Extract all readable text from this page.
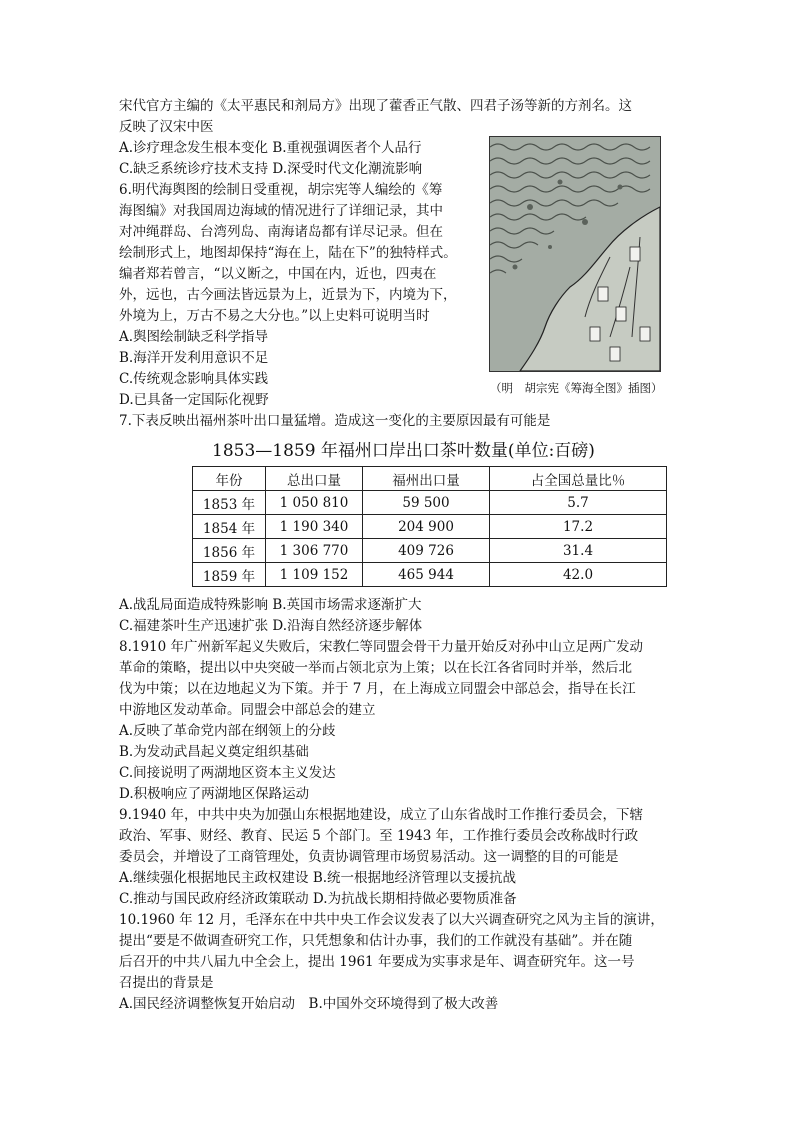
宋代官方主编的《太平惠民和剂局方》出现了藿香正气散、四君子汤等新的方剂名。这
反映了汉宋中医
A.诊疗理念发生根本变化 B.重视强调医者个人品行
C.缺乏系统诊疗技术支持 D.深受时代文化潮流影响
6.明代海舆图的绘制日受重视，胡宗宪等人编绘的《筹
海图编》对我国周边海域的情况进行了详细记录，其中
对冲绳群岛、台湾列岛、南海诸岛都有详尽记录。但在
绘制形式上，地图却保持“海在上，陆在下”的独特样式。
编者郑若曾言，“以义断之，中国在内，近也，四夷在
外，远也，古今画法皆远景为上，近景为下，内境为下，
外境为上，万古不易之大分也。”以上史料可说明当时
A.舆图绘制缺乏科学指导
B.海洋开发利用意识不足
C.传统观念影响具体实践
D.已具备一定国际化视野
（明　胡宗宪《筹海全图》插图）
7.下表反映出福州茶叶出口量猛增。造成这一变化的主要原因最有可能是
1853—1859 年福州口岸出口茶叶数量(单位:百磅)
年份	总出口量	福州出口量	占全国总量比％
1853 年	1 050 810	59 500	5.7
1854 年	1 190 340	204 900	17.2
1856 年	1 306 770	409 726	31.4
1859 年	1 109 152	465 944	42.0
A.战乱局面造成特殊影响 B.英国市场需求逐渐扩大
C.福建茶叶生产迅速扩张 D.沿海自然经济逐步解体
8.1910 年广州新军起义失败后，宋教仁等同盟会骨干力量开始反对孙中山立足两广发动
革命的策略，提出以中央突破一举而占领北京为上策；以在长江各省同时并举，然后北
伐为中策；以在边地起义为下策。并于 7 月，在上海成立同盟会中部总会，指导在长江
中游地区发动革命。同盟会中部总会的建立
A.反映了革命党内部在纲领上的分歧
B.为发动武昌起义奠定组织基础
C.间接说明了两湖地区资本主义发达
D.积极响应了两湖地区保路运动
9.1940 年，中共中央为加强山东根据地建设，成立了山东省战时工作推行委员会，下辖
政治、军事、财经、教育、民运 5 个部门。至 1943 年，工作推行委员会改称战时行政
委员会，并增设了工商管理处，负责协调管理市场贸易活动。这一调整的目的可能是
A.继续强化根据地民主政权建设 B.统一根据地经济管理以支援抗战
C.推动与国民政府经济政策联动 D.为抗战长期相持做必要物质准备
10.1960 年 12 月，毛泽东在中共中央工作会议发表了以大兴调查研究之风为主旨的演讲，
提出“要是不做调查研究工作，只凭想象和估计办事，我们的工作就没有基础”。并在随
后召开的中共八届九中全会上，提出 1961 年要成为实事求是年、调查研究年。这一号
召提出的背景是
A.国民经济调整恢复开始启动　B.中国外交环境得到了极大改善
